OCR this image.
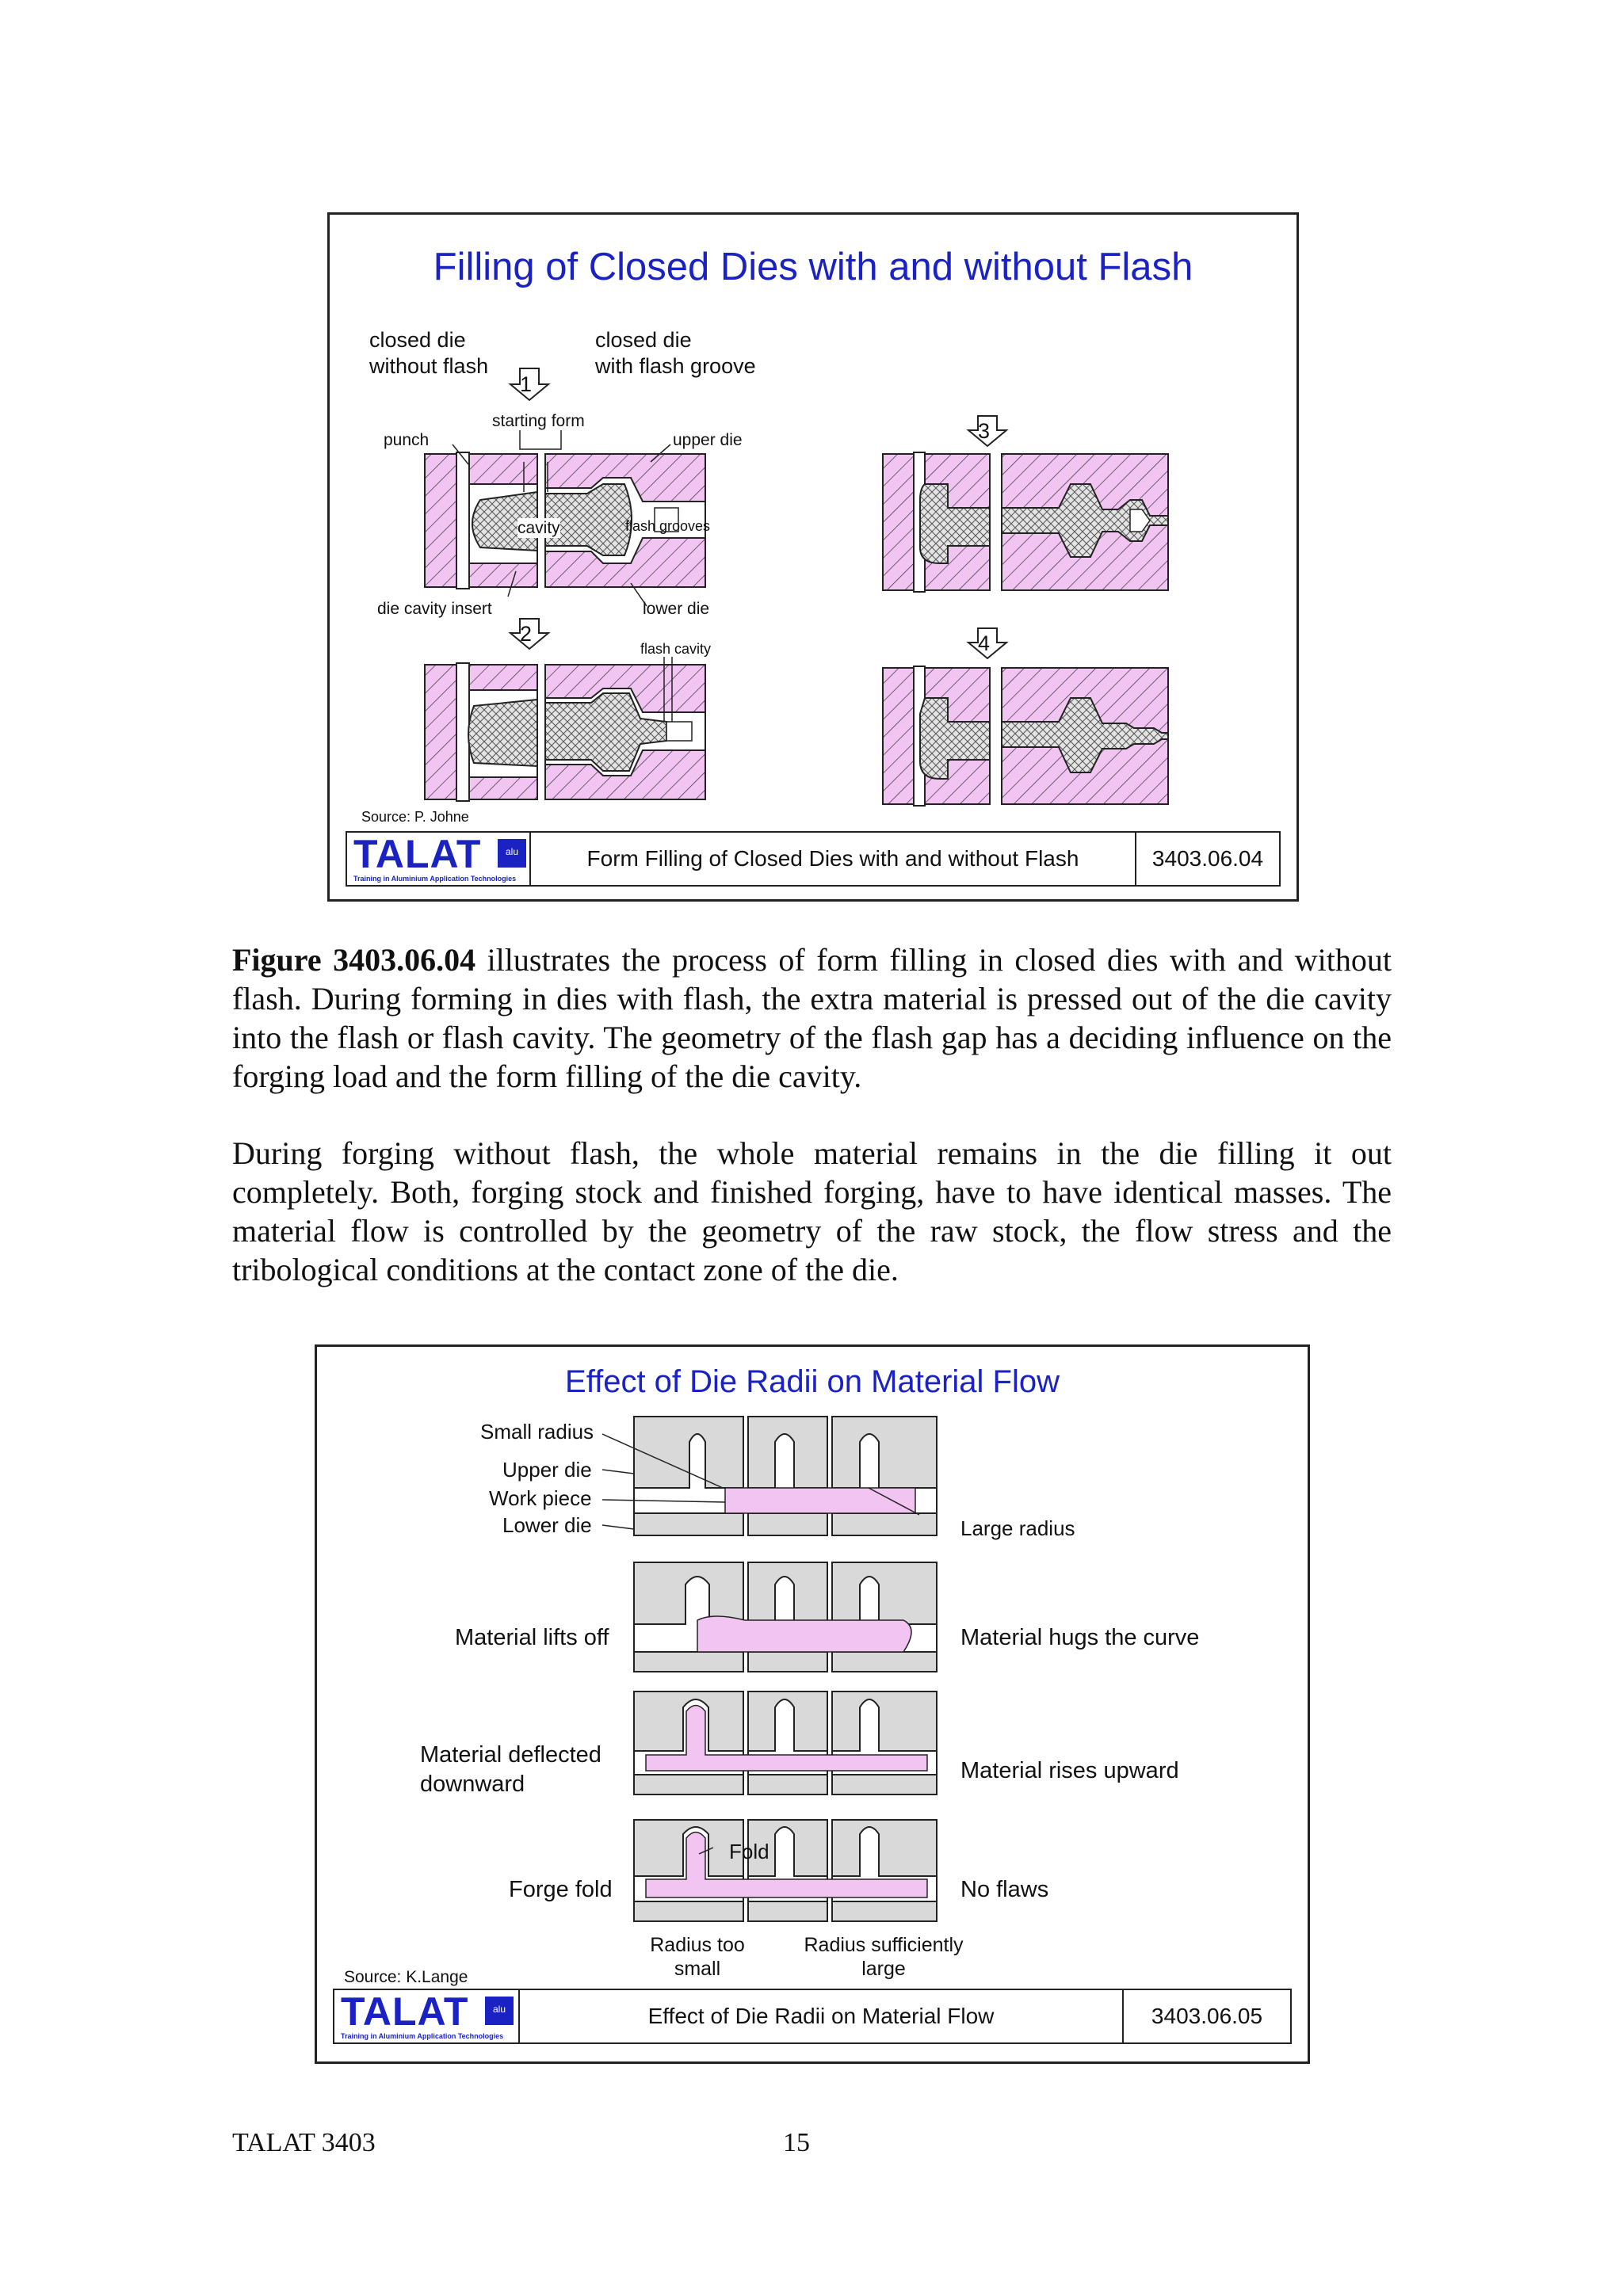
Filling of Closed Dies with and without Flash
closed die
without flash
closed die
with flash groove
1
2
3
4
starting form
punch	upper die
cavity	flash grooves
die cavity insert	lower die
flash cavity
Source: P. Johne
TALAT	alu
Training in Aluminium Application Technologies
Form Filling of Closed Dies with and without Flash	3403.06.04
Figure 3403.06.04 illustrates the process of form filling in closed dies with and without flash. During forming in dies with flash, the extra material is pressed out of the die cavity into the flash or flash cavity. The geometry of the flash gap has a deciding influence on the forging load and the form filling of the die cavity.
During forging without flash, the whole material remains in the die filling it out completely. Both, forging stock and finished forging, have to have identical masses. The material flow is controlled by the geometry of the raw stock, the flow stress and the tribological conditions at the contact zone of the die.
Effect of Die Radii on Material Flow
Small radius
Upper die
Work piece
Lower die	Large radius
Material lifts off	Material hugs the curve
Material deflected
downward
Material rises upward
Fold
Forge fold	No flaws
Radius too
small
Radius sufficiently
large
Source: K.Lange
TALAT	alu
Training in Aluminium Application Technologies
Effect of Die Radii on Material Flow	3403.06.05
TALAT 3403	15
